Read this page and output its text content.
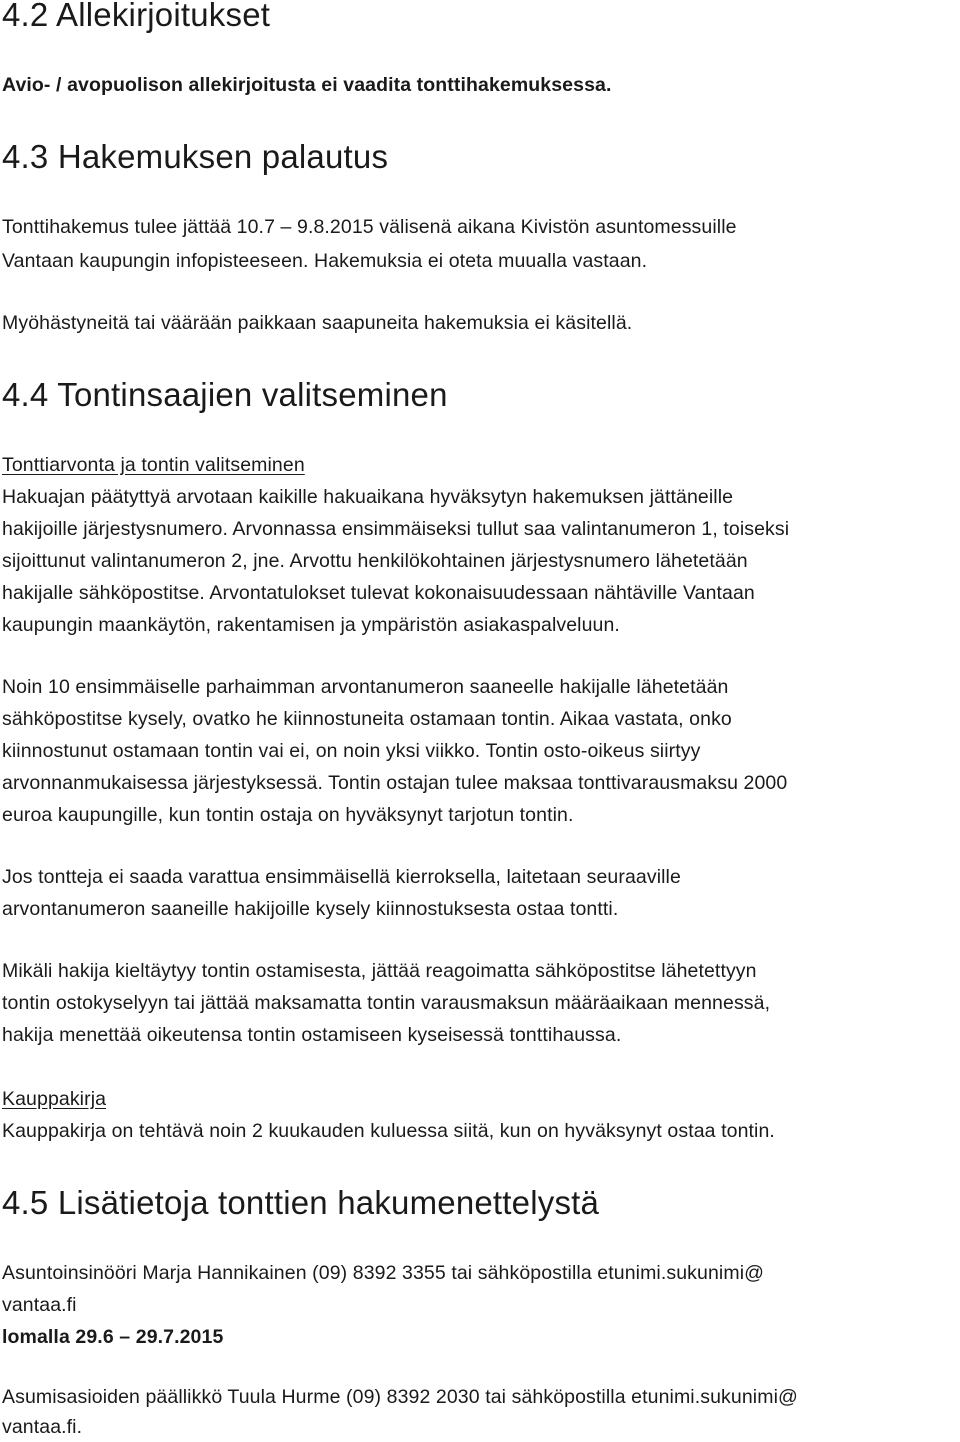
4.2 Allekirjoitukset
Avio- / avopuolison allekirjoitusta ei vaadita tonttihakemuksessa.
4.3 Hakemuksen palautus
Tonttihakemus tulee jättää 10.7 – 9.8.2015 välisenä aikana Kivistön asuntomessuille
Vantaan kaupungin infopisteeseen. Hakemuksia ei oteta muualla vastaan.
Myöhästyneitä tai väärään paikkaan saapuneita hakemuksia ei käsitellä.
4.4 Tontinsaajien valitseminen
Tonttiarvonta ja tontin valitseminen
Hakuajan päätyttyä arvotaan kaikille hakuaikana hyväksytyn hakemuksen jättäneille
hakijoille järjestysnumero. Arvonnassa ensimmäiseksi tullut saa valintanumeron 1, toiseksi
sijoittunut valintanumeron 2, jne. Arvottu henkilökohtainen järjestysnumero lähetetään
hakijalle sähköpostitse. Arvontatulokset tulevat kokonaisuudessaan nähtäville Vantaan
kaupungin maankäytön, rakentamisen ja ympäristön asiakaspalveluun.
Noin 10 ensimmäiselle parhaimman arvontanumeron saaneelle hakijalle lähetetään
sähköpostitse kysely, ovatko he kiinnostuneita ostamaan tontin. Aikaa vastata, onko
kiinnostunut ostamaan tontin vai ei, on noin yksi viikko. Tontin osto-oikeus siirtyy
arvonnanmukaisessa järjestyksessä. Tontin ostajan tulee maksaa tonttivarausmaksu 2000
euroa kaupungille, kun tontin ostaja on hyväksynyt tarjotun tontin.
Jos tontteja ei saada varattua ensimmäisellä kierroksella, laitetaan seuraaville
arvontanumeron saaneille hakijoille kysely kiinnostuksesta ostaa tontti.
Mikäli hakija kieltäytyy tontin ostamisesta, jättää reagoimatta sähköpostitse lähetettyyn
tontin ostokyselyyn tai jättää maksamatta tontin varausmaksun määräaikaan mennessä,
hakija menettää oikeutensa tontin ostamiseen kyseisessä tonttihaussa.
Kauppakirja
Kauppakirja on tehtävä noin 2 kuukauden kuluessa siitä, kun on hyväksynyt ostaa tontin.
4.5 Lisätietoja tonttien hakumenettelystä
Asuntoinsinööri Marja Hannikainen (09) 8392 3355 tai sähköpostilla etunimi.sukunimi@
vantaa.fi
lomalla 29.6 – 29.7.2015
Asumisasioiden päällikkö Tuula Hurme (09) 8392 2030 tai sähköpostilla etunimi.sukunimi@
vantaa.fi.
